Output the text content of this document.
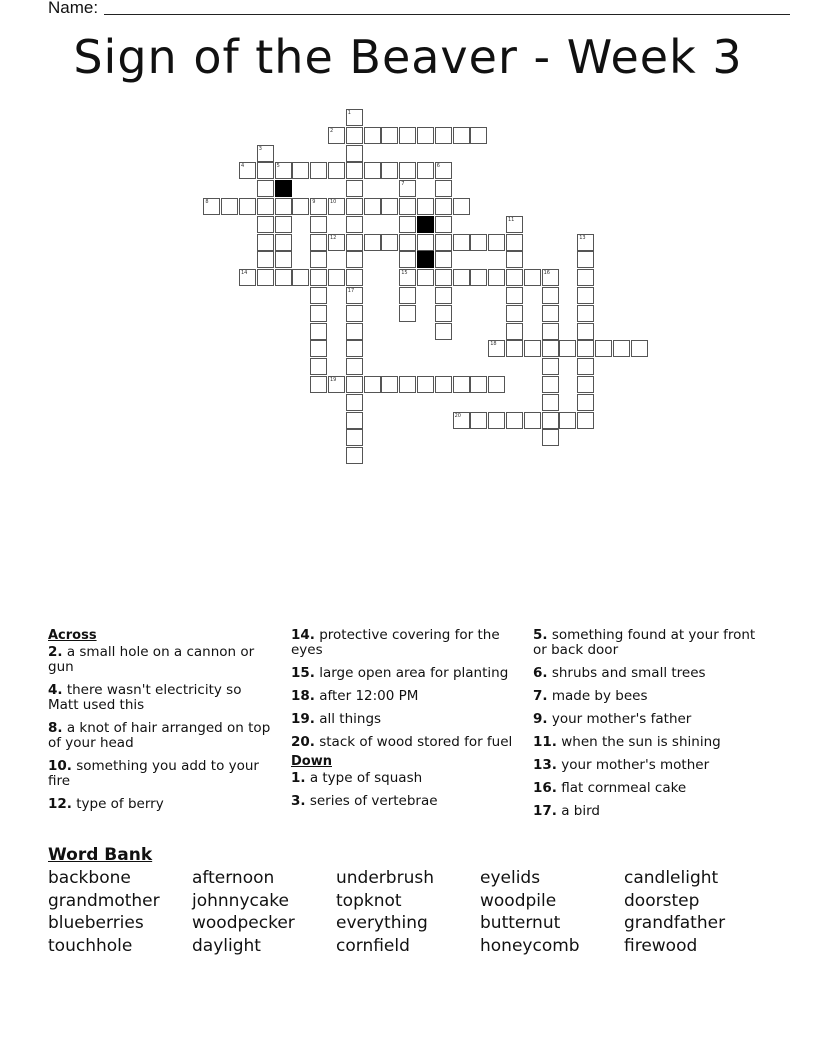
Name:
Sign of the Beaver - Week 3
2
4
8	10
12
14	15
18
19
20
1
3
5	6
7
9
11
13
16
17
Across
2. a small hole on a cannon or gun
4. there wasn't electricity so Matt used this
8. a knot of hair arranged on top of your head
10. something you add to your fire
12. type of berry
14. protective covering for the eyes
15. large open area for planting
18. after 12:00 PM
19. all things
20. stack of wood stored for fuel
Down
1. a type of squash
3. series of vertebrae
5. something found at your front or back door
6. shrubs and small trees
7. made by bees
9. your mother's father
11. when the sun is shining
13. your mother's mother
16. flat cornmeal cake
17. a bird
Word Bank
backbone	afternoon	underbrush	eyelids	candlelight
grandmother	johnnycake	topknot	woodpile	doorstep
blueberries	woodpecker	everything	butternut	grandfather
touchhole	daylight	cornfield	honeycomb	firewood
